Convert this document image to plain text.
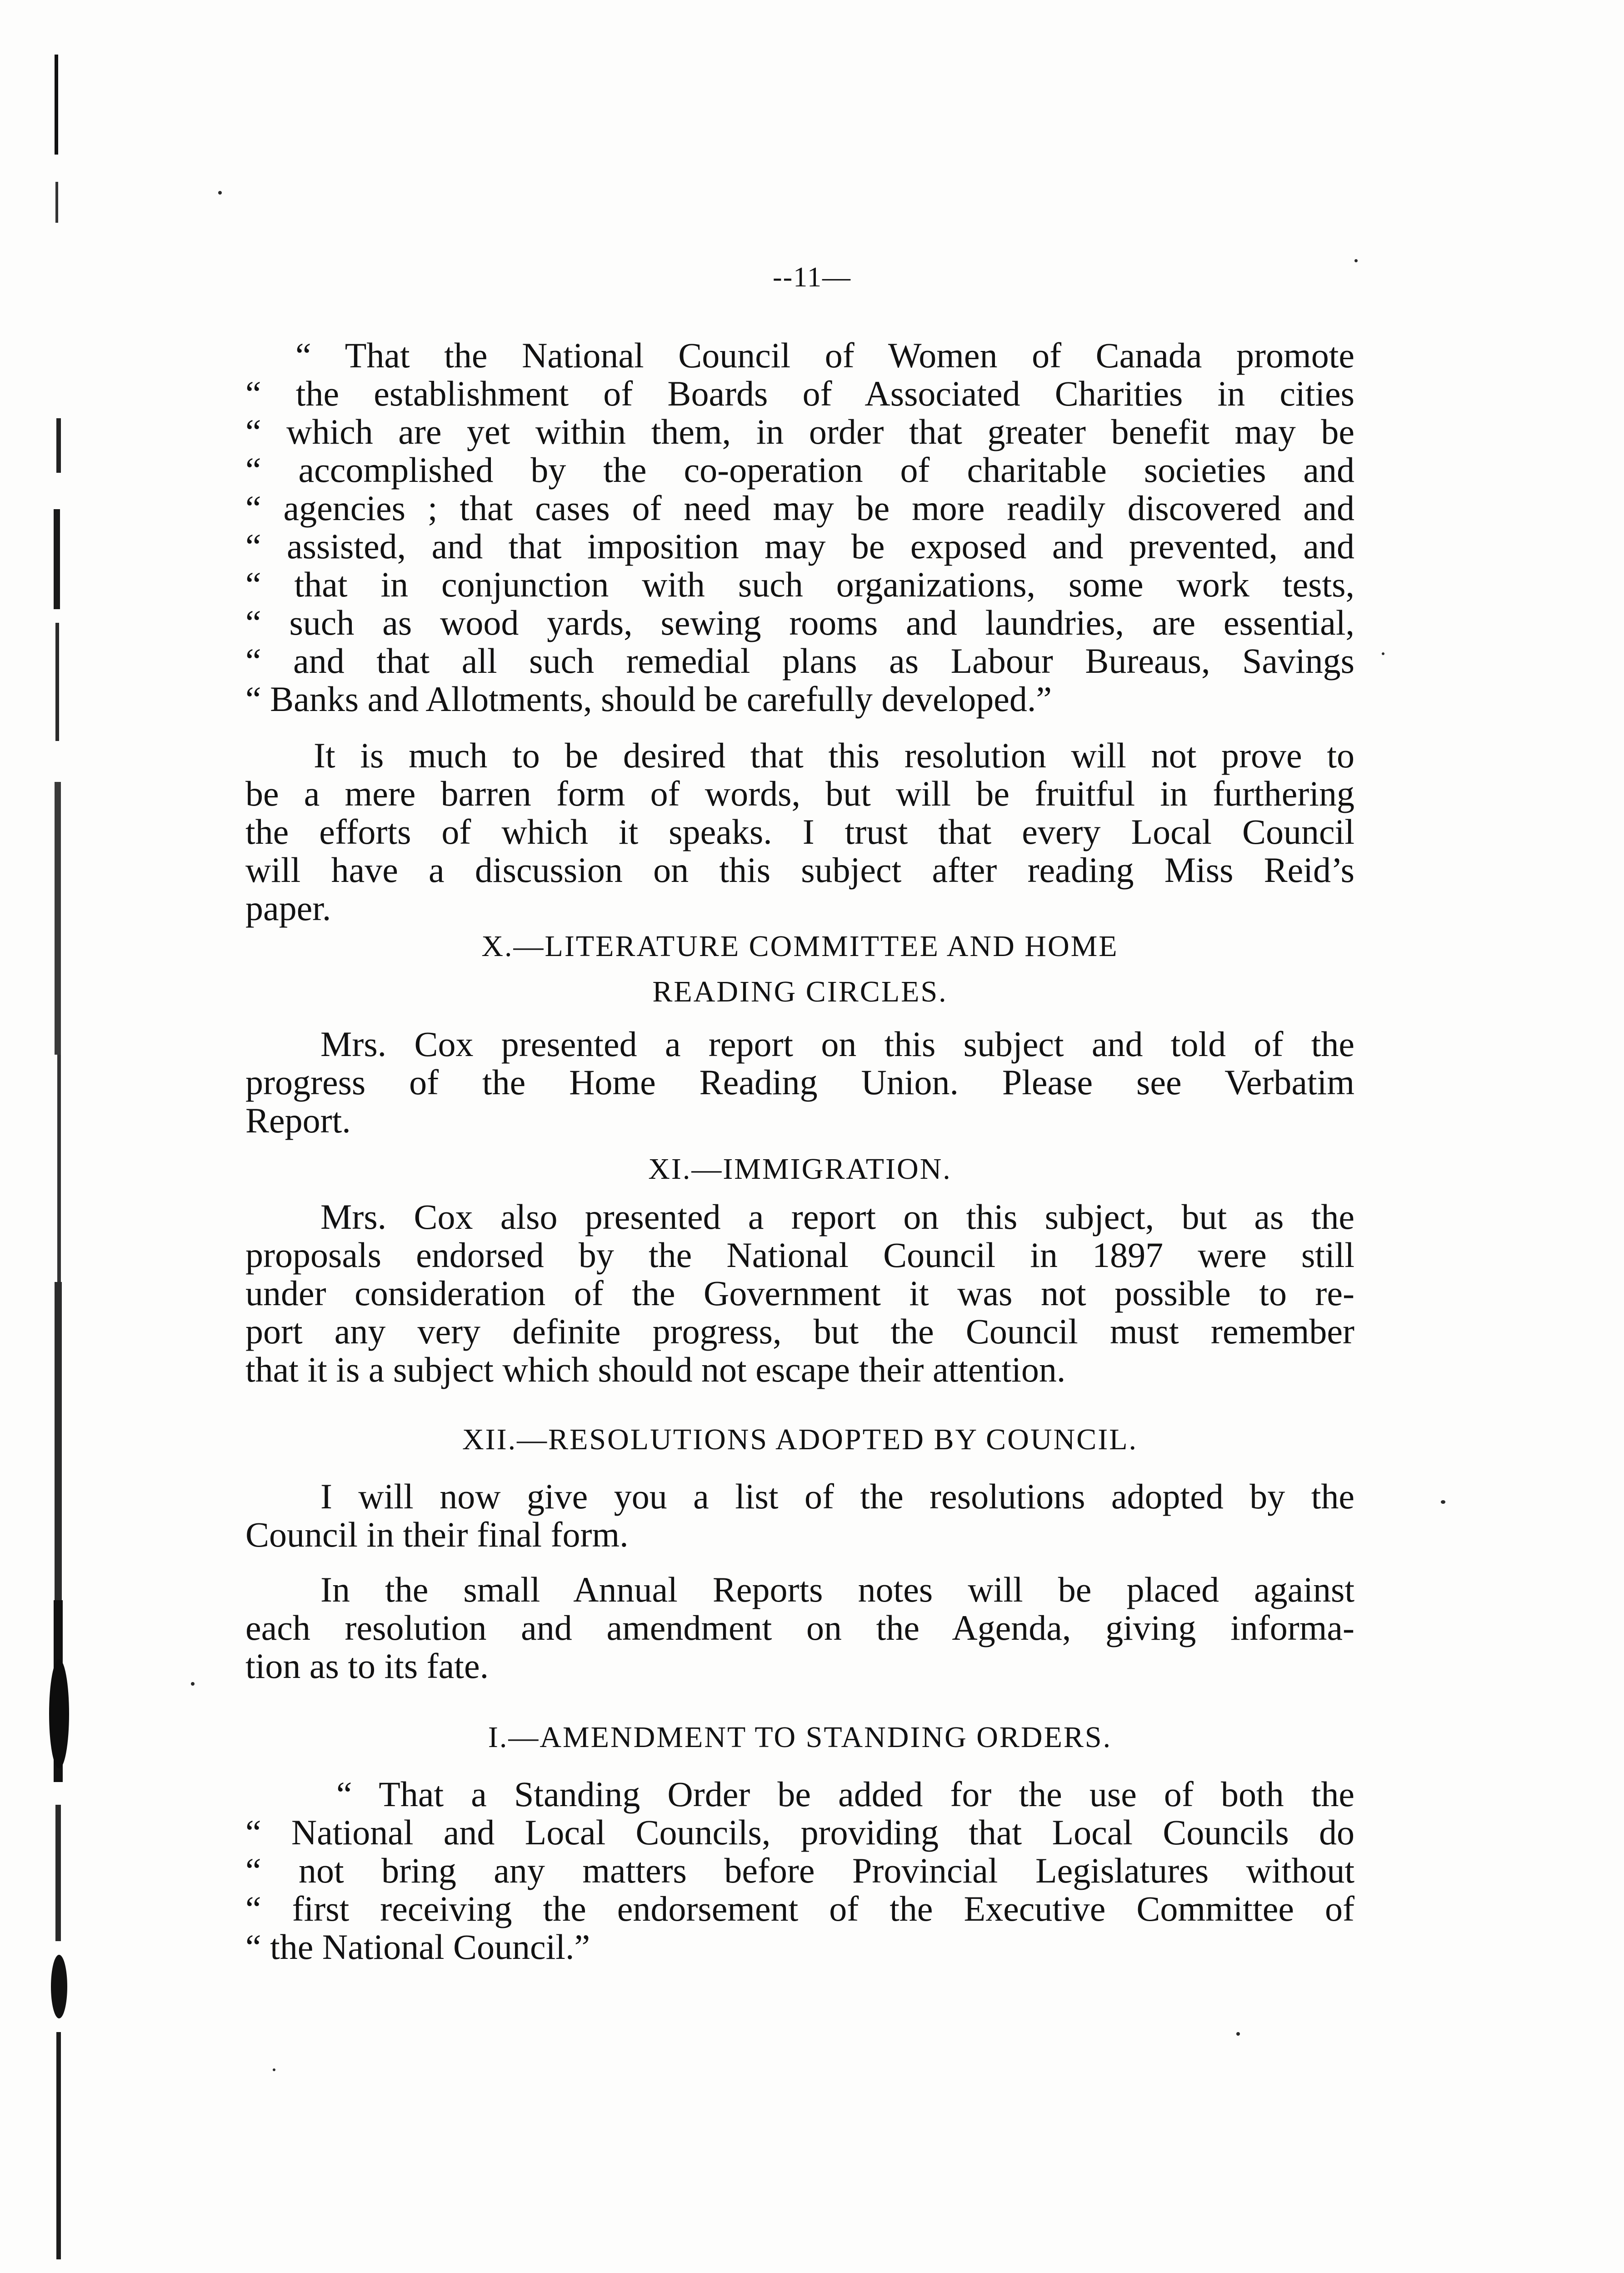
--11—
“ That the National Council of Women of Canada promote
“ the establishment of Boards of Associated Charities in cities
“ which are yet within them, in order that greater benefit may be
“ accomplished by the co-operation of charitable societies and
“ agencies ; that cases of need may be more readily discovered and
“ assisted, and that imposition may be exposed and prevented, and
“ that in conjunction with such organizations, some work tests,
“ such as wood yards, sewing rooms and laundries, are essential,
“ and that all such remedial plans as Labour Bureaus, Savings
“ Banks and Allotments, should be carefully developed.”
It is much to be desired that this resolution will not prove to
be a mere barren form of words, but will be fruitful in furthering
the efforts of which it speaks. I trust that every Local Council
will have a discussion on this subject after reading Miss Reid’s
paper.
X.—LITERATURE COMMITTEE AND HOME
READING CIRCLES.
Mrs. Cox presented a report on this subject and told of the
progress of the Home Reading Union. Please see Verbatim
Report.
XI.—IMMIGRATION.
Mrs. Cox also presented a report on this subject, but as the
proposals endorsed by the National Council in 1897 were still
under consideration of the Government it was not possible to re-
port any very definite progress, but the Council must remember
that it is a subject which should not escape their attention.
XII.—RESOLUTIONS ADOPTED BY COUNCIL.
I will now give you a list of the resolutions adopted by the
Council in their final form.
In the small Annual Reports notes will be placed against
each resolution and amendment on the Agenda, giving informa-
tion as to its fate.
I.—AMENDMENT TO STANDING ORDERS.
“ That a Standing Order be added for the use of both the
“ National and Local Councils, providing that Local Councils do
“ not bring any matters before Provincial Legislatures without
“ first receiving the endorsement of the Executive Committee of
“ the National Council.”
